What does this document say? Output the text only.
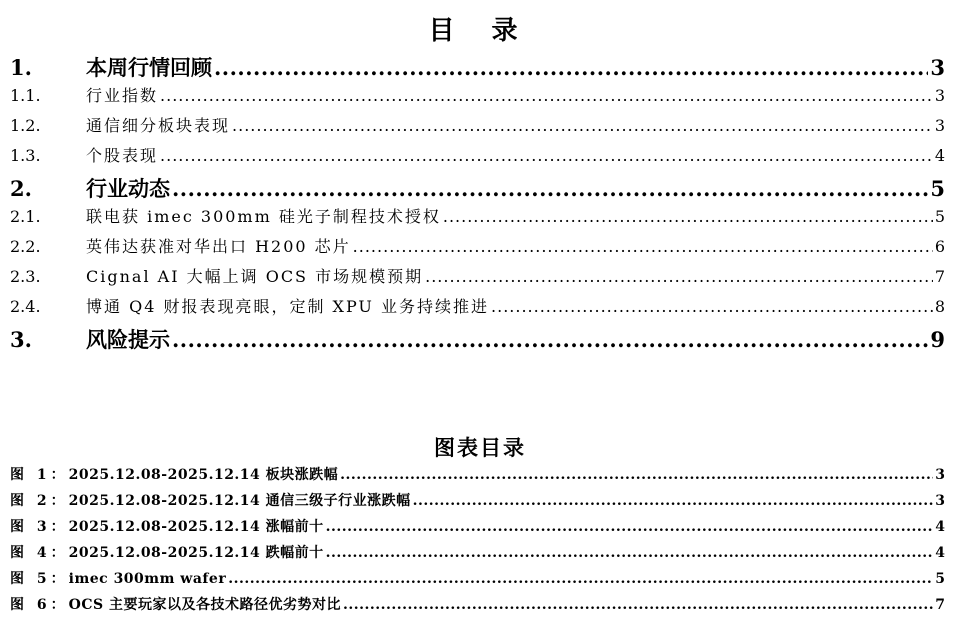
目 录
1.	本周行情回顾 .....	3
1.1.	行业指数 .....	3
1.2.	通信细分板块表现 .....	3
1.3.	个股表现 .....	4
2.	行业动态 .....	5
2.1.	联电获 imec 300mm 硅光子制程技术授权 .....	5
2.2.	英伟达获准对华出口 H200 芯片 .....	6
2.3.	Cignal AI 大幅上调 OCS 市场规模预期 .....	7
2.4.	博通 Q4 财报表现亮眼，定制 XPU 业务持续推进 .....	8
3.	风险提示 .....	9
图表目录
图 1： 2025.12.08-2025.12.14 板块涨跌幅 .....	3
图 2： 2025.12.08-2025.12.14 通信三级子行业涨跌幅 .....	3
图 3： 2025.12.08-2025.12.14 涨幅前十 .....	4
图 4： 2025.12.08-2025.12.14 跌幅前十 .....	4
图 5： imec 300mm wafer .....	5
图 6： OCS 主要玩家以及各技术路径优劣势对比 .....	7
